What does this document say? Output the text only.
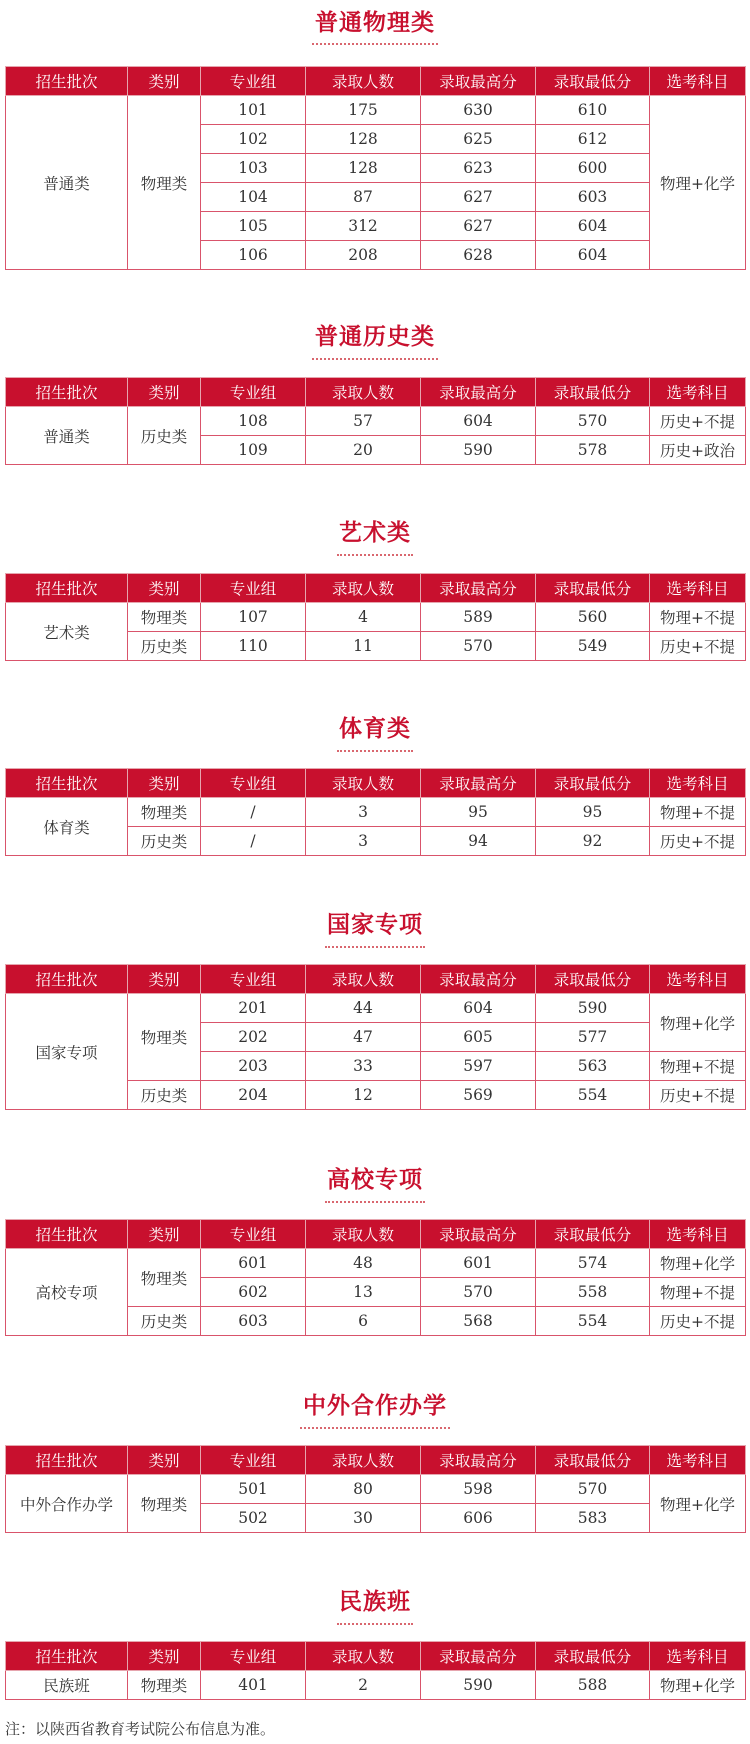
普通物理类
招生批次	类别	专业组	录取人数	录取最高分	录取最低分	选考科目
普通类	物理类	101	175	630	610	物理+化学
		102	128	625	612	
		103	128	623	600	
		104	87	627	603	
		105	312	627	604	
		106	208	628	604	
普通历史类
招生批次	类别	专业组	录取人数	录取最高分	录取最低分	选考科目
普通类	历史类	108	57	604	570	历史+不提
		109	20	590	578	历史+政治
艺术类
招生批次	类别	专业组	录取人数	录取最高分	录取最低分	选考科目
艺术类	物理类	107	4	589	560	物理+不提
	历史类	110	11	570	549	历史+不提
体育类
招生批次	类别	专业组	录取人数	录取最高分	录取最低分	选考科目
体育类	物理类	/	3	95	95	物理+不提
	历史类	/	3	94	92	历史+不提
国家专项
招生批次	类别	专业组	录取人数	录取最高分	录取最低分	选考科目
国家专项	物理类	201	44	604	590	物理+化学
		202	47	605	577	
		203	33	597	563	物理+不提
	历史类	204	12	569	554	历史+不提
高校专项
招生批次	类别	专业组	录取人数	录取最高分	录取最低分	选考科目
高校专项	物理类	601	48	601	574	物理+化学
		602	13	570	558	物理+不提
	历史类	603	6	568	554	历史+不提
中外合作办学
招生批次	类别	专业组	录取人数	录取最高分	录取最低分	选考科目
中外合作办学	物理类	501	80	598	570	物理+化学
		502	30	606	583	
民族班
招生批次	类别	专业组	录取人数	录取最高分	录取最低分	选考科目
民族班	物理类	401	2	590	588	物理+化学
注：以陕西省教育考试院公布信息为准。
